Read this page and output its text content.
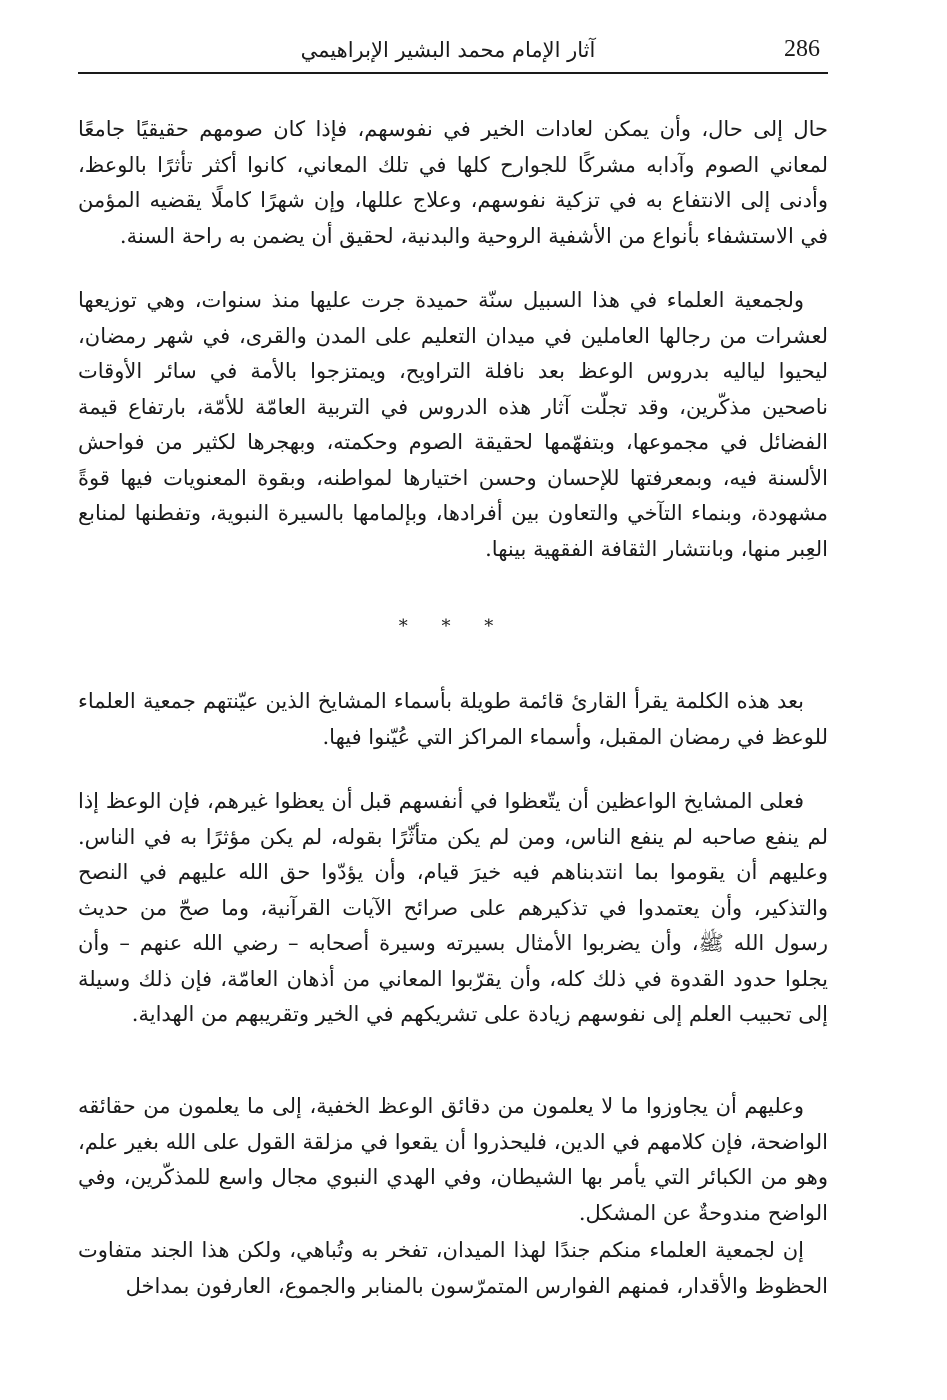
286
آثار الإمام محمد البشير الإبراهيمي

حال إلى حال، وأن يمكن لعادات الخير في نفوسهم، فإذا كان صومهم حقيقيًا جامعًا لمعاني الصوم وآدابه مشركًا للجوارح كلها في تلك المعاني، كانوا أكثر تأثرًا بالوعظ، وأدنى إلى الانتفاع به في تزكية نفوسهم، وعلاج عللها، وإن شهرًا كاملًا يقضيه المؤمن في الاستشفاء بأنواع من الأشفية الروحية والبدنية، لحقيق أن يضمن به راحة السنة.

ولجمعية العلماء في هذا السبيل سنّة حميدة جرت عليها منذ سنوات، وهي توزيعها لعشرات من رجالها العاملين في ميدان التعليم على المدن والقرى، في شهر رمضان، ليحيوا لياليه بدروس الوعظ بعد نافلة التراويح، ويمتزجوا بالأمة في سائر الأوقات ناصحين مذكّرين، وقد تجلّت آثار هذه الدروس في التربية العامّة للأمّة، بارتفاع قيمة الفضائل في مجموعها، وبتفهّمها لحقيقة الصوم وحكمته، وبهجرها لكثير من فواحش الألسنة فيه، وبمعرفتها للإحسان وحسن اختيارها لمواطنه، وبقوة المعنويات فيها قوةً مشهودة، وبنماء التآخي والتعاون بين أفرادها، وبإلمامها بالسيرة النبوية، وتفطنها لمنابع العِبر منها، وبانتشار الثقافة الفقهية بينها.

* * *

بعد هذه الكلمة يقرأ القارئ قائمة طويلة بأسماء المشايخ الذين عيّنتهم جمعية العلماء للوعظ في رمضان المقبل، وأسماء المراكز التي عُيّنوا فيها.

فعلى المشايخ الواعظين أن يتّعظوا في أنفسهم قبل أن يعظوا غيرهم، فإن الوعظ إذا لم ينفع صاحبه لم ينفع الناس، ومن لم يكن متأثّرًا بقوله، لم يكن مؤثرًا به في الناس. وعليهم أن يقوموا بما انتدبناهم فيه خيرَ قيام، وأن يؤدّوا حق الله عليهم في النصح والتذكير، وأن يعتمدوا في تذكيرهم على صرائح الآيات القرآنية، وما صحّ من حديث رسول الله ﷺ، وأن يضربوا الأمثال بسيرته وسيرة أصحابه – رضي الله عنهم – وأن يجلوا حدود القدوة في ذلك كله، وأن يقرّبوا المعاني من أذهان العامّة، فإن ذلك وسيلة إلى تحبيب العلم إلى نفوسهم زيادة على تشريكهم في الخير وتقريبهم من الهداية.

وعليهم أن يجاوزوا ما لا يعلمون من دقائق الوعظ الخفية، إلى ما يعلمون من حقائقه الواضحة، فإن كلامهم في الدين، فليحذروا أن يقعوا في مزلقة القول على الله بغير علم، وهو من الكبائر التي يأمر بها الشيطان، وفي الهدي النبوي مجال واسع للمذكّرين، وفي الواضح مندوحةٌ عن المشكل.

إن لجمعية العلماء منكم جندًا لهذا الميدان، تفخر به وتُباهي، ولكن هذا الجند متفاوت الحظوظ والأقدار، فمنهم الفوارس المتمرّسون بالمنابر والجموع، العارفون بمداخل
